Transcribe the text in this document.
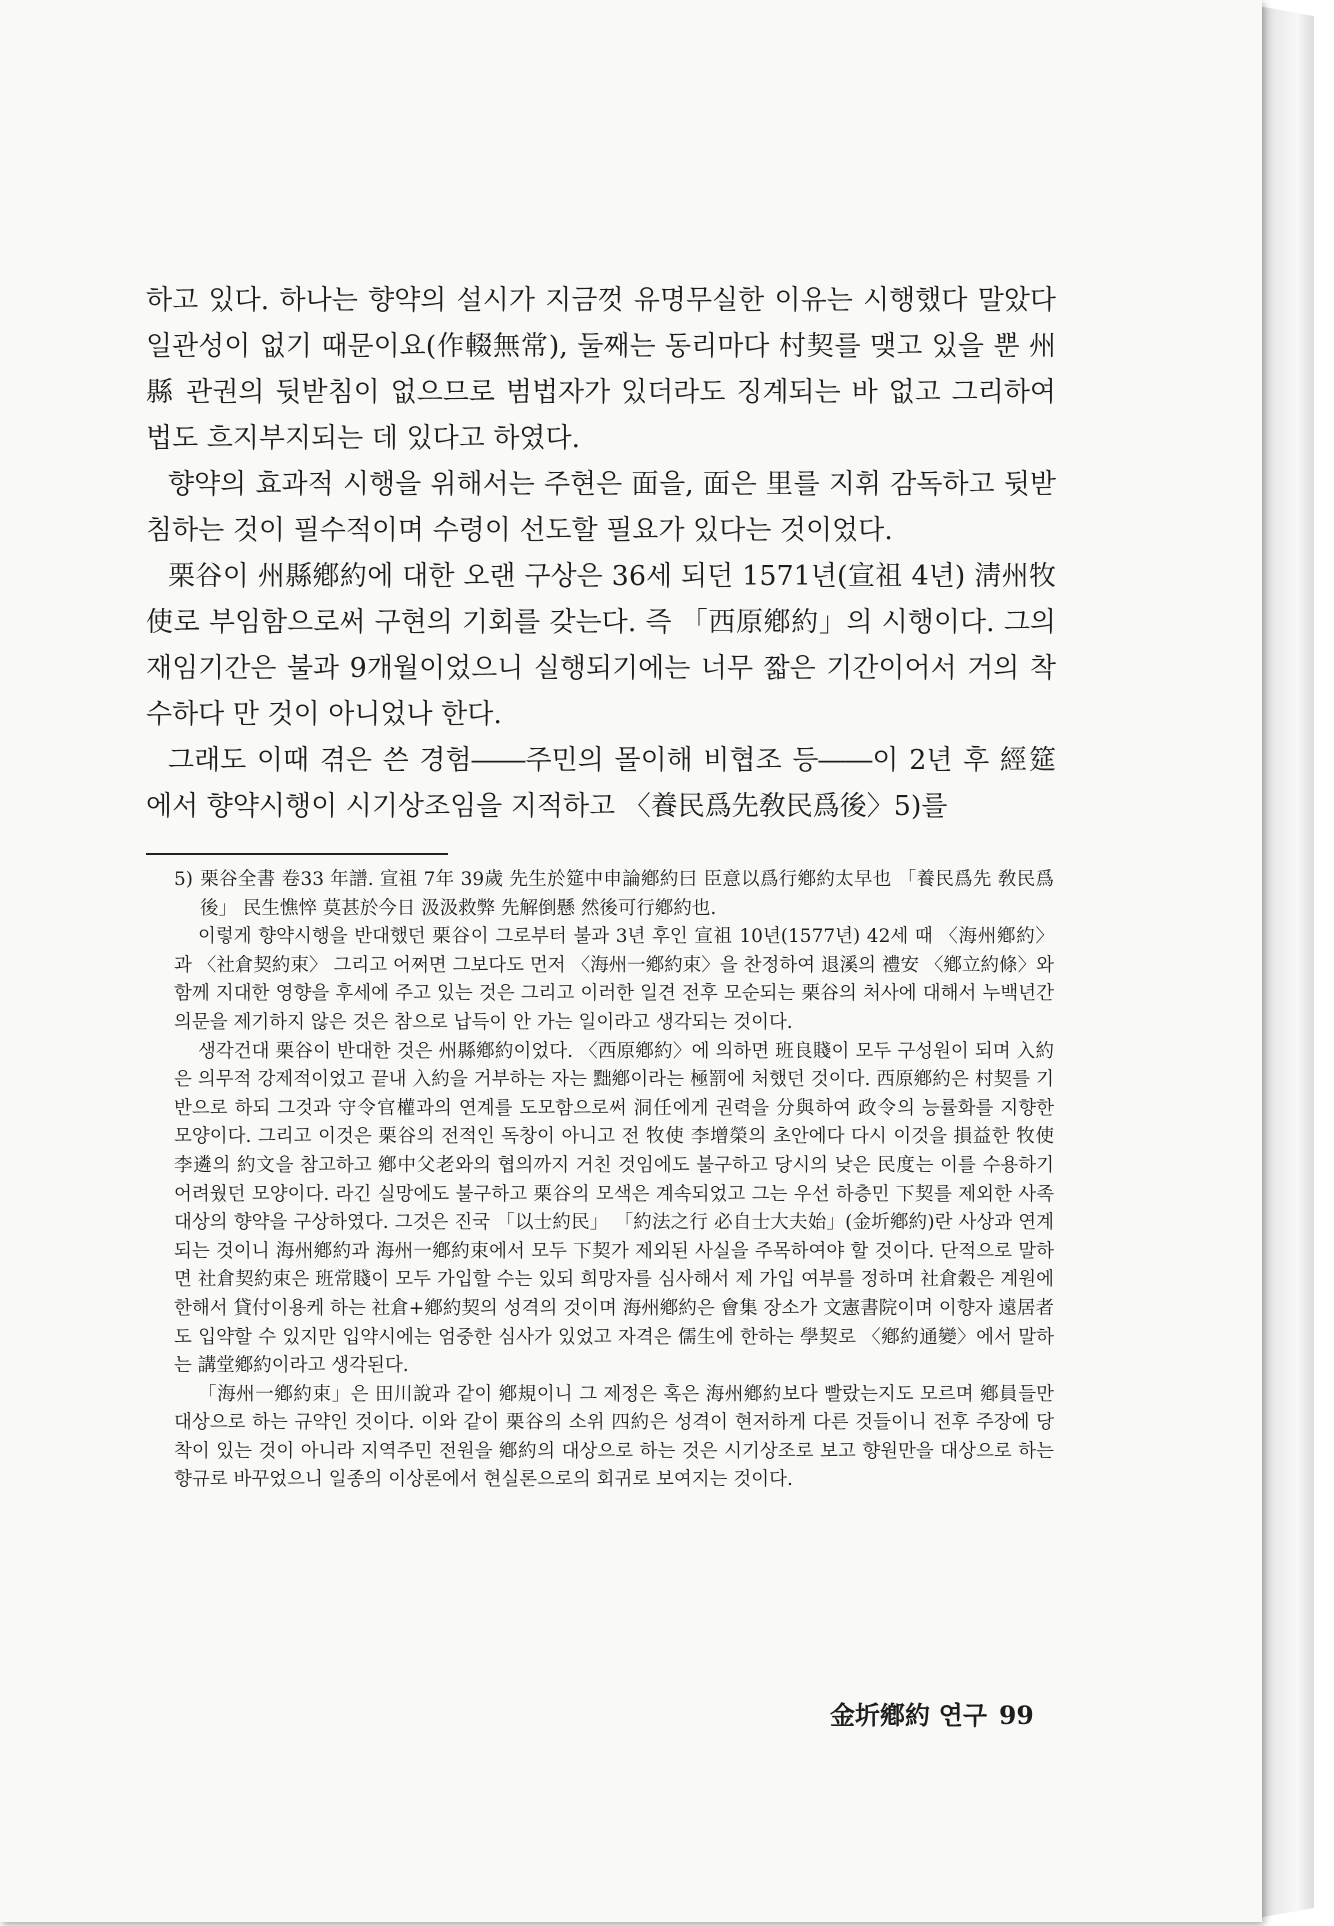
하고 있다. 하나는 향약의 설시가 지금껏 유명무실한 이유는 시행했다 말았다 일관성이 없기 때문이요(作輟無常), 둘째는 동리마다 村契를 맺고 있을 뿐 州縣 관권의 뒷받침이 없으므로 범법자가 있더라도 징계되는 바 없고 그리하여 법도 흐지부지되는 데 있다고 하였다.

향약의 효과적 시행을 위해서는 주현은 面을, 面은 里를 지휘 감독하고 뒷받침하는 것이 필수적이며 수령이 선도할 필요가 있다는 것이었다.

栗谷이 州縣鄕約에 대한 오랜 구상은 36세 되던 1571년(宣祖 4년) 淸州牧使로 부임함으로써 구현의 기회를 갖는다. 즉 「西原鄕約」의 시행이다. 그의 재임기간은 불과 9개월이었으니 실행되기에는 너무 짧은 기간이어서 거의 착수하다 만 것이 아니었나 한다.

그래도 이때 겪은 쓴 경험――주민의 몰이해 비협조 등――이 2년 후 經筵에서 향약시행이 시기상조임을 지적하고 〈養民爲先敎民爲後〉5)를

5) 栗谷全書 卷33 年譜. 宣祖 7年 39歲 先生於筵中申論鄕約曰 臣意以爲行鄕約太早也 「養民爲先 敎民爲後」 民生憔悴 莫甚於今日 汲汲救弊 先解倒懸 然後可行鄕約也.

이렇게 향약시행을 반대했던 栗谷이 그로부터 불과 3년 후인 宣祖 10년(1577년) 42세 때 〈海州鄕約〉과 〈社倉契約束〉 그리고 어쩌면 그보다도 먼저 〈海州一鄕約束〉을 찬정하여 退溪의 禮安 〈鄕立約條〉와 함께 지대한 영향을 후세에 주고 있는 것은 그리고 이러한 일견 전후 모순되는 栗谷의 처사에 대해서 누백년간 의문을 제기하지 않은 것은 참으로 납득이 안 가는 일이라고 생각되는 것이다.

생각건대 栗谷이 반대한 것은 州縣鄕約이었다. 〈西原鄕約〉에 의하면 班良賤이 모두 구성원이 되며 入約은 의무적 강제적이었고 끝내 入約을 거부하는 자는 黜鄕이라는 極罰에 처했던 것이다. 西原鄕約은 村契를 기반으로 하되 그것과 守令官權과의 연계를 도모함으로써 洞任에게 권력을 分與하여 政令의 능률화를 지향한 모양이다. 그리고 이것은 栗谷의 전적인 독창이 아니고 전 牧使 李增榮의 초안에다 다시 이것을 損益한 牧使 李遴의 約文을 참고하고 鄕中父老와의 협의까지 거친 것임에도 불구하고 당시의 낮은 民度는 이를 수용하기 어려웠던 모양이다. 라긴 실망에도 불구하고 栗谷의 모색은 계속되었고 그는 우선 하층민 下契를 제외한 사족 대상의 향약을 구상하였다. 그것은 진국 「以士約民」 「約法之行 必自士大夫始」(金圻鄕約)란 사상과 연계되는 것이니 海州鄕約과 海州一鄕約束에서 모두 下契가 제외된 사실을 주목하여야 할 것이다. 단적으로 말하면 社倉契約束은 班常賤이 모두 가입할 수는 있되 희망자를 심사해서 제 가입 여부를 정하며 社倉穀은 계원에 한해서 貸付이용케 하는 社倉+鄕約契의 성격의 것이며 海州鄕約은 會集 장소가 文憲書院이며 이향자 遠居者도 입약할 수 있지만 입약시에는 엄중한 심사가 있었고 자격은 儒生에 한하는 學契로 〈鄕約通變〉에서 말하는 講堂鄕約이라고 생각된다.

「海州一鄕約束」은 田川說과 같이 鄕規이니 그 제정은 혹은 海州鄕約보다 빨랐는지도 모르며 鄕員들만 대상으로 하는 규약인 것이다. 이와 같이 栗谷의 소위 四約은 성격이 현저하게 다른 것들이니 전후 주장에 당착이 있는 것이 아니라 지역주민 전원을 鄕約의 대상으로 하는 것은 시기상조로 보고 향원만을 대상으로 하는 향규로 바꾸었으니 일종의 이상론에서 현실론으로의 회귀로 보여지는 것이다.

金圻鄕約 연구 99
